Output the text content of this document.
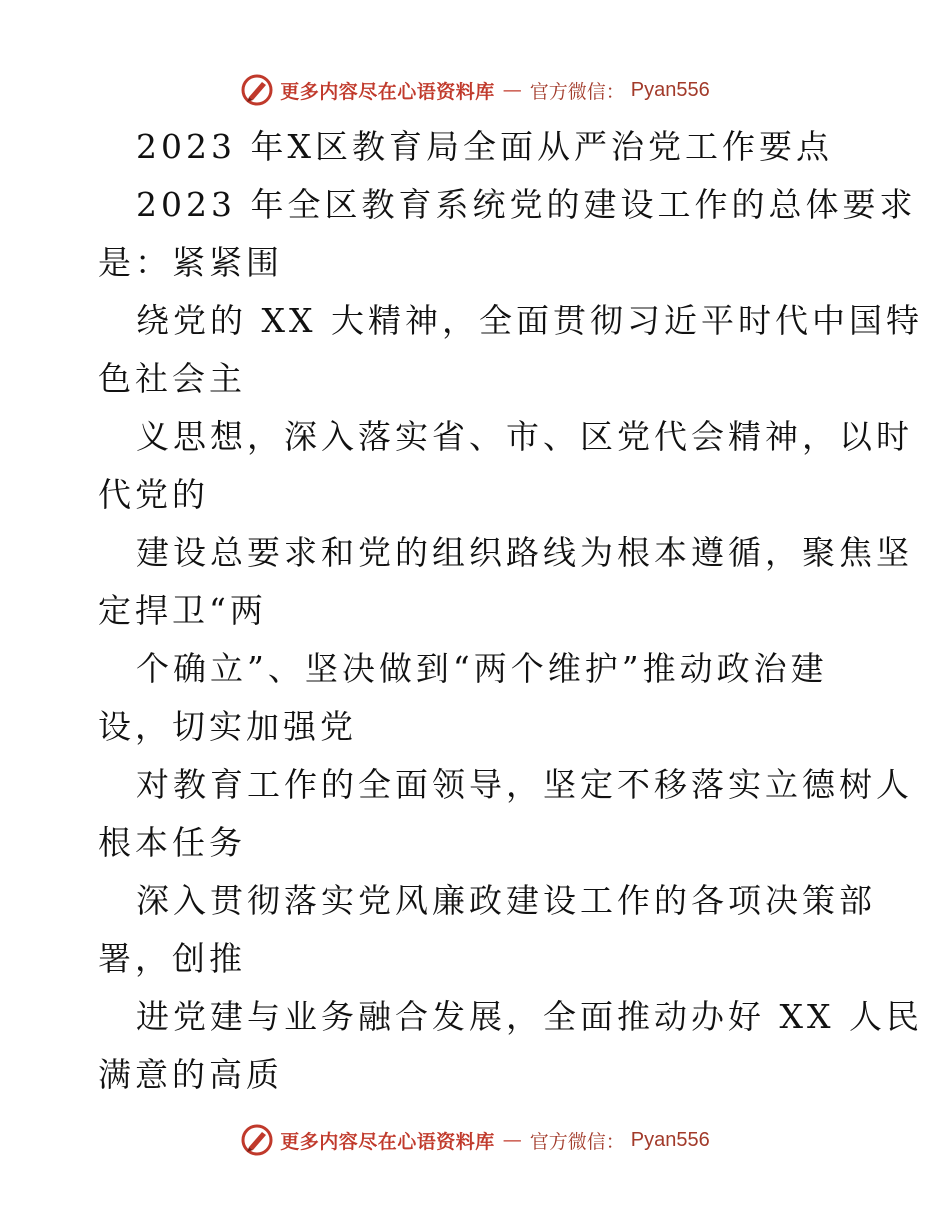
更多内容尽在心语资料库 — 官方微信： Pyan556
2023 年X区教育局全面从严治党工作要点
2023 年全区教育系统党的建设工作的总体要求
是：紧紧围
绕党的 XX 大精神，全面贯彻习近平时代中国特
色社会主
义思想，深入落实省、市、区党代会精神，以时
代党的
建设总要求和党的组织路线为根本遵循，聚焦坚
定捍卫“两
个确立”、坚决做到“两个维护”推动政治建
设，切实加强党
对教育工作的全面领导，坚定不移落实立德树人
根本任务
深入贯彻落实党风廉政建设工作的各项决策部
署，创推
进党建与业务融合发展，全面推动办好 XX 人民
满意的高质
更多内容尽在心语资料库 — 官方微信： Pyan556
